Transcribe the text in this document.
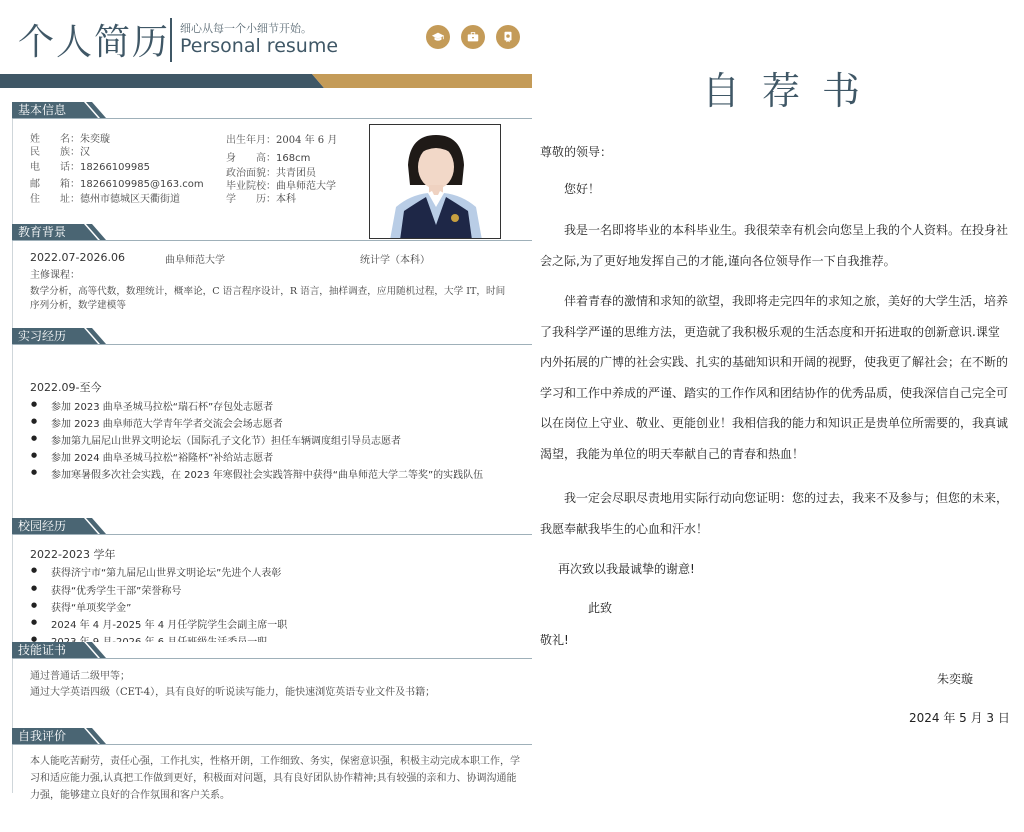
个人简历 细心从每一个小细节开始。
Personal resume
基本信息
姓　　名：朱奕璇
民　　族：汉
电　　话：18266109985
邮　　箱：18266109985@163.com
住　　址：德州市德城区天衢街道
出生年月：2004 年 6 月
身　　高：168cm
政治面貌：共青团员
毕业院校：曲阜师范大学
学　　历：本科
教育背景
2022.07-2026.06	曲阜师范大学	统计学（本科）
主修课程：
数学分析，高等代数，数理统计，概率论，C 语言程序设计，R 语言，抽样调查，应用随机过程，大学 IT，时间
序列分析，数学建模等
实习经历
2022.09-至今
● 参加 2023 曲阜圣城马拉松“瑞石杯”存包处志愿者
● 参加 2023 曲阜师范大学青年学者交流会会场志愿者
● 参加第九届尼山世界文明论坛（国际孔子文化节）担任车辆调度组引导员志愿者
● 参加 2024 曲阜圣城马拉松“裕隆杯”补给站志愿者
● 参加寒暑假多次社会实践，在 2023 年寒假社会实践答辩中获得“曲阜师范大学二等奖”的实践队伍
校园经历
2022-2023 学年
● 获得济宁市“第九届尼山世界文明论坛”先进个人表彰
● 获得“优秀学生干部”荣誉称号
● 获得“单项奖学金”
● 2024 年 4 月-2025 年 4 月任学院学生会副主席一职
●
技能证书
通过普通话二级甲等；
通过大学英语四级（CET-4），具有良好的听说读写能力，能快速浏览英语专业文件及书籍；
自我评价
本人能吃苦耐劳，责任心强，工作扎实，性格开朗，工作细致、务实，保密意识强，积极主动完成本职工作，学习和适应能力强,认真把工作做到更好，积极面对问题，具有良好团队协作精神;具有较强的亲和力、协调沟通能力强，能够建立良好的合作氛围和客户关系。
自荐书
尊敬的领导：
您好！
我是一名即将毕业的本科毕业生。我很荣幸有机会向您呈上我的个人资料。在投身社会之际,为了更好地发挥自己的才能,谨向各位领导作一下自我推荐。
伴着青春的激情和求知的欲望，我即将走完四年的求知之旅，美好的大学生活，培养了我科学严谨的思维方法，更造就了我积极乐观的生活态度和开拓进取的创新意识.课堂内外拓展的广博的社会实践、扎实的基础知识和开阔的视野，使我更了解社会；在不断的学习和工作中养成的严谨、踏实的工作作风和团结协作的优秀品质，使我深信自己完全可以在岗位上守业、敬业、更能创业！我相信我的能力和知识正是贵单位所需要的，我真诚渴望，我能为单位的明天奉献自己的青春和热血！
我一定会尽职尽责地用实际行动向您证明：您的过去，我来不及参与；但您的未来，我愿奉献我毕生的心血和汗水！
再次致以我最诚挚的谢意!
此致
敬礼!
朱奕璇
2024 年 5 月 3 日
